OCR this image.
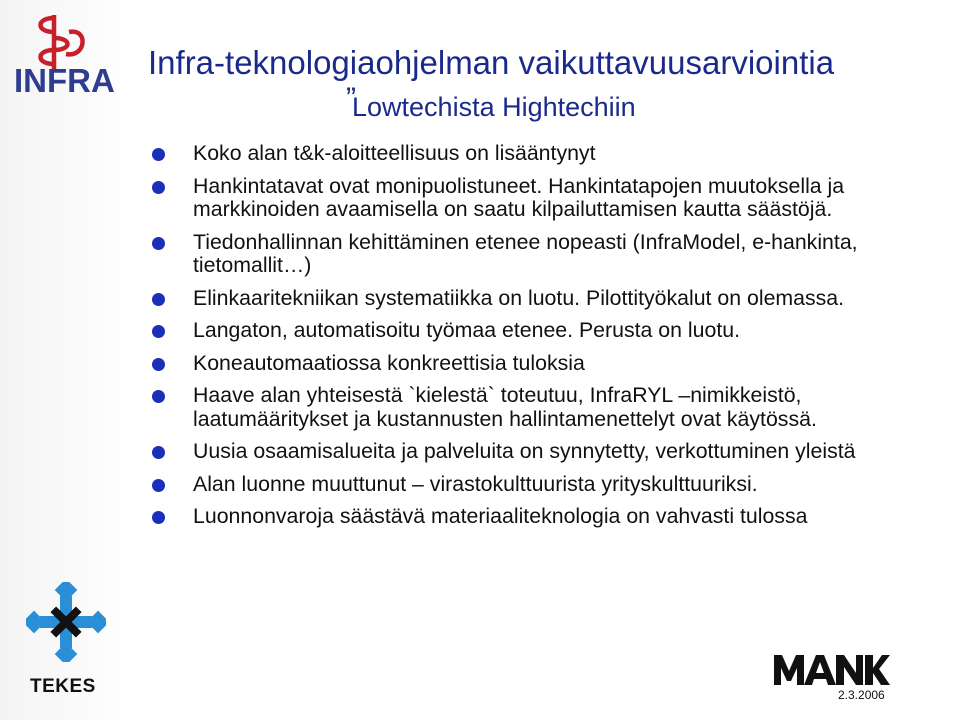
INFRA
TEKES
Infra-teknologiaohjelman vaikuttavuusarviointia
”
Lowtechista Hightechiin
Koko alan t&k-aloitteellisuus on lisääntynyt
Hankintatavat ovat monipuolistuneet. Hankintatapojen muutoksella ja markkinoiden avaamisella on saatu kilpailuttamisen kautta säästöjä.
Tiedonhallinnan kehittäminen etenee nopeasti (InfraModel, e-hankinta, tietomallit…)
Elinkaaritekniikan systematiikka on luotu. Pilottityökalut on olemassa.
Langaton, automatisoitu työmaa etenee. Perusta on luotu.
Koneautomaatiossa konkreettisia tuloksia
Haave alan yhteisestä `kielestä` toteutuu, InfraRYL –nimikkeistö, laatumääritykset ja kustannusten hallintamenettelyt ovat käytössä.
Uusia osaamisalueita ja palveluita on synnytetty, verkottuminen yleistä
Alan luonne muuttunut – virastokulttuurista yrityskulttuuriksi.
Luonnonvaroja säästävä materiaaliteknologia on vahvasti tulossa
2.3.2006
